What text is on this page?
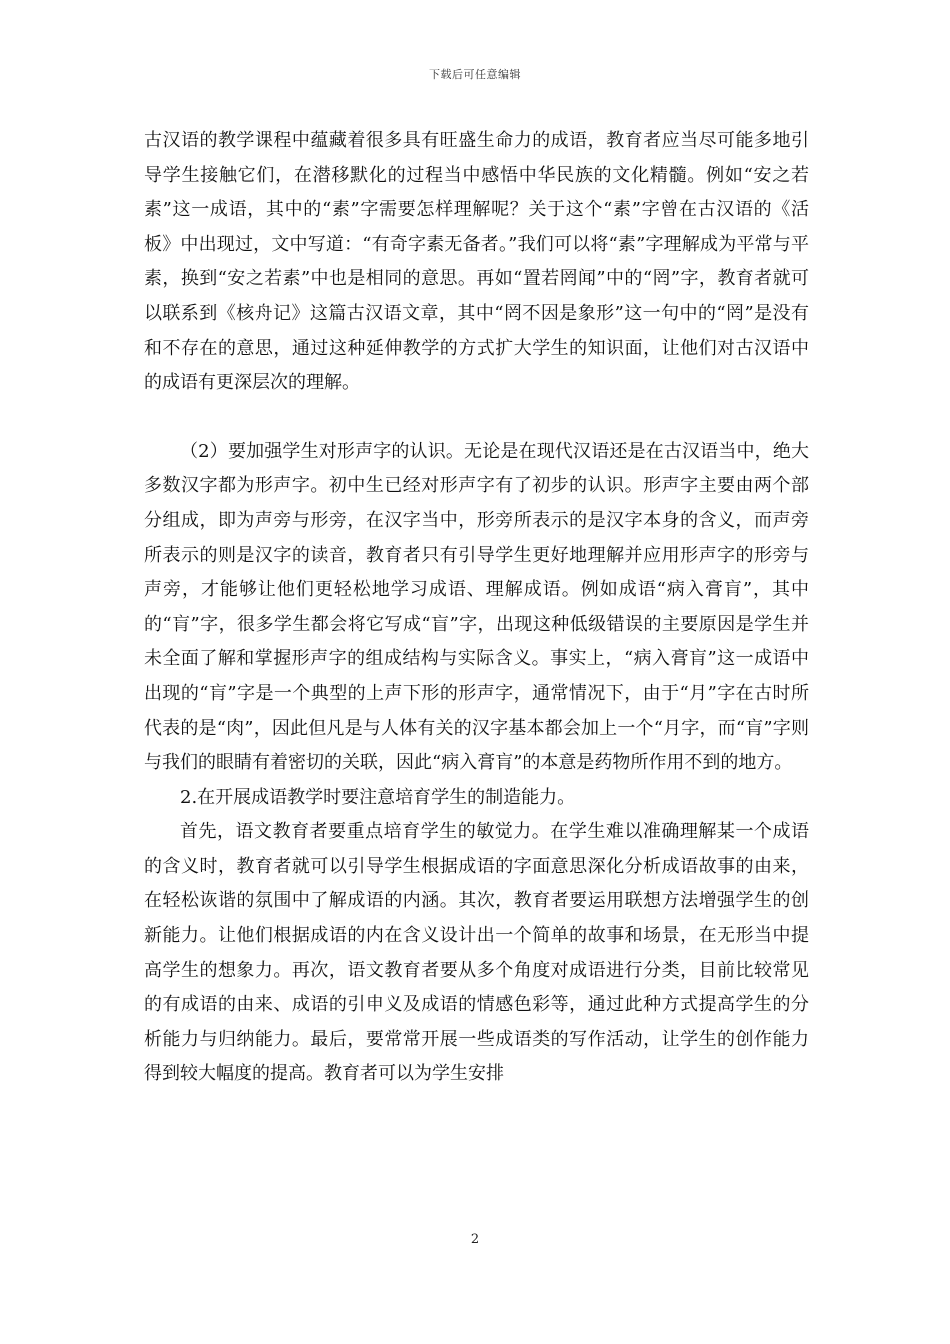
下载后可任意编辑

古汉语的教学课程中蕴藏着很多具有旺盛生命力的成语，教育者应当尽可能多地引导学生接触它们，在潜移默化的过程当中感悟中华民族的文化精髓。例如“安之若素”这一成语，其中的“素”字需要怎样理解呢？关于这个“素”字曾在古汉语的《活板》中出现过，文中写道：“有奇字素无备者。”我们可以将“素”字理解成为平常与平素，换到“安之若素”中也是相同的意思。再如“置若罔闻”中的“罔”字，教育者就可以联系到《核舟记》这篇古汉语文章，其中“罔不因是象形”这一句中的“罔”是没有和不存在的意思，通过这种延伸教学的方式扩大学生的知识面，让他们对古汉语中的成语有更深层次的理解。

（2）要加强学生对形声字的认识。无论是在现代汉语还是在古汉语当中，绝大多数汉字都为形声字。初中生已经对形声字有了初步的认识。形声字主要由两个部分组成，即为声旁与形旁，在汉字当中，形旁所表示的是汉字本身的含义，而声旁所表示的则是汉字的读音，教育者只有引导学生更好地理解并应用形声字的形旁与声旁，才能够让他们更轻松地学习成语、理解成语。例如成语“病入膏肓”，其中的“肓”字，很多学生都会将它写成“盲”字，出现这种低级错误的主要原因是学生并未全面了解和掌握形声字的组成结构与实际含义。事实上，“病入膏肓”这一成语中出现的“肓”字是一个典型的上声下形的形声字，通常情况下，由于“月”字在古时所代表的是“肉”，因此但凡是与人体有关的汉字基本都会加上一个“月字，而“肓”字则与我们的眼睛有着密切的关联，因此“病入膏肓”的本意是药物所作用不到的地方。

2.在开展成语教学时要注意培育学生的制造能力。

首先，语文教育者要重点培育学生的敏觉力。在学生难以准确理解某一个成语的含义时，教育者就可以引导学生根据成语的字面意思深化分析成语故事的由来，在轻松诙谐的氛围中了解成语的内涵。其次，教育者要运用联想方法增强学生的创新能力。让他们根据成语的内在含义设计出一个简单的故事和场景，在无形当中提高学生的想象力。再次，语文教育者要从多个角度对成语进行分类，目前比较常见的有成语的由来、成语的引申义及成语的情感色彩等，通过此种方式提高学生的分析能力与归纳能力。最后，要常常开展一些成语类的写作活动，让学生的创作能力得到较大幅度的提高。教育者可以为学生安排

2
